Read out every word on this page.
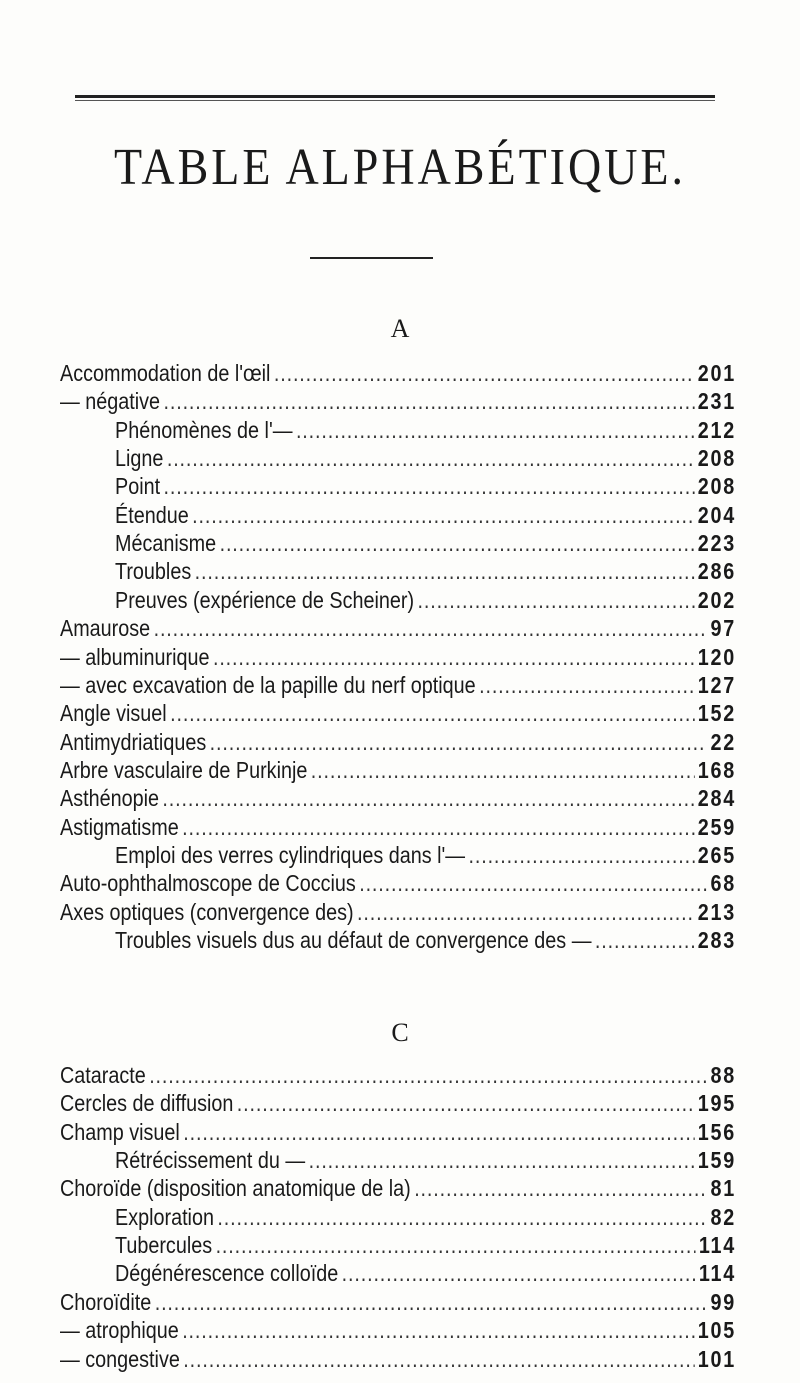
TABLE ALPHABÉTIQUE.
A
Accommodation de l'œil .....	201
— négative .....	231
Phénomènes de l'— .....	212
Ligne .....	208
Point .....	208
Étendue .....	204
Mécanisme .....	223
Troubles .....	286
Preuves (expérience de Scheiner) .....	202
Amaurose .....	97
— albuminurique .....	120
— avec excavation de la papille du nerf optique .....	127
Angle visuel .....	152
Antimydriatiques .....	22
Arbre vasculaire de Purkinje .....	168
Asthénopie .....	284
Astigmatisme .....	259
Emploi des verres cylindriques dans l'— .....	265
Auto-ophthalmoscope de Coccius .....	68
Axes optiques (convergence des) .....	213
Troubles visuels dus au défaut de convergence des — .....	283
C
Cataracte .....	88
Cercles de diffusion .....	195
Champ visuel .....	156
Rétrécissement du — .....	159
Choroïde (disposition anatomique de la) .....	81
Exploration .....	82
Tubercules .....	114
Dégénérescence colloïde .....	114
Choroïdite .....	99
— atrophique .....	105
— congestive .....	101
